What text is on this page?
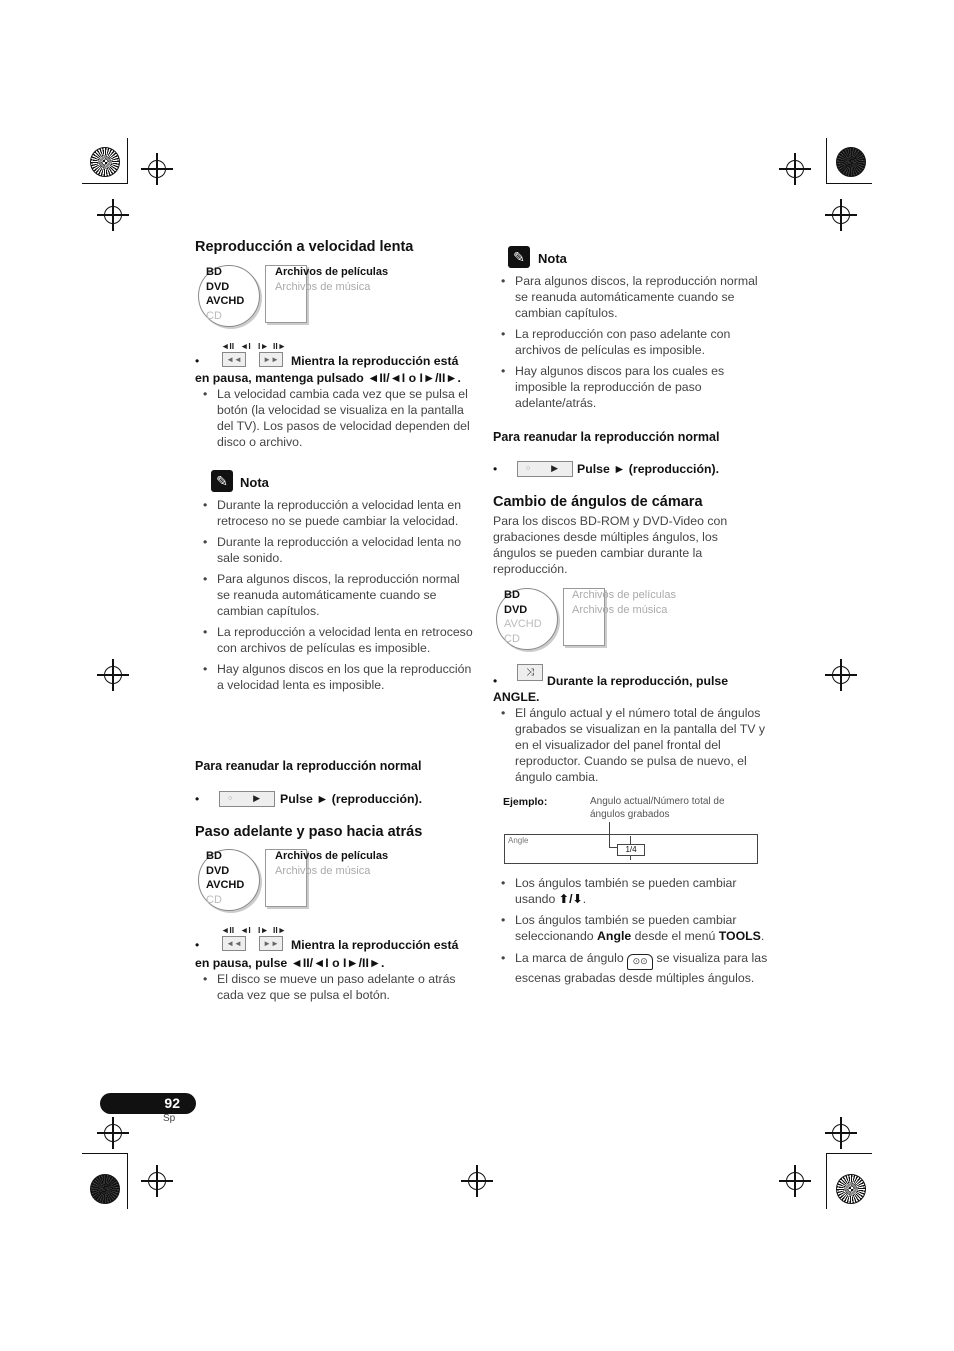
Reproducción a velocidad lenta
BD
DVD
AVCHD
CD
Archivos de películas
Archivos de música
◄II ◄I I► II►
◄◄	►►
•	Mientra la reproducción está
en pausa, mantenga pulsado ◄II/◄I o I►/II►.
• La velocidad cambia cada vez que se pulsa el botón (la velocidad se visualiza en la pantalla del TV). Los pasos de velocidad dependen del disco o archivo.
✎ Nota
• Durante la reproducción a velocidad lenta en retroceso no se puede cambiar la velocidad.
• Durante la reproducción a velocidad lenta no sale sonido.
• Para algunos discos, la reproducción normal se reanuda automáticamente cuando se cambian capítulos.
• La reproducción a velocidad lenta en retroceso con archivos de películas es imposible.
• Hay algunos discos en los que la reproducción a velocidad lenta es imposible.
Para reanudar la reproducción normal
•	○ ▶ Pulse ► (reproducción).
Paso adelante y paso hacia atrás
BD
DVD
AVCHD
CD
Archivos de películas
Archivos de música
◄II ◄I I► II►
◄◄	►►
•	Mientra la reproducción está
en pausa, pulse ◄II/◄I o I►/II►.
• El disco se mueve un paso adelante o atrás cada vez que se pulsa el botón.
92
Sp
✎	Nota
• Para algunos discos, la reproducción normal se reanuda automáticamente cuando se cambian capítulos.
• La reproducción con paso adelante con archivos de películas es imposible.
• Hay algunos discos para los cuales es imposible la reproducción de paso adelante/atrás.
Para reanudar la reproducción normal
•	○ ▶ Pulse ► (reproducción).
Cambio de ángulos de cámara
Para los discos BD-ROM y DVD-Video con grabaciones desde múltiples ángulos, los ángulos se pueden cambiar durante la reproducción.
BD
DVD
AVCHD
CD
Archivos de películas
Archivos de música
⤨
•	Durante la reproducción, pulse
ANGLE.
• El ángulo actual y el número total de ángulos grabados se visualizan en la pantalla del TV y en el visualizador del panel frontal del reproductor. Cuando se pulsa de nuevo, el ángulo cambia.
Ejemplo:	Angulo actual/Número total de ángulos grabados
Angle
1/4
• Los ángulos también se pueden cambiar usando ⬆/⬇.
• Los ángulos también se pueden cambiar seleccionando Angle desde el menú TOOLS.
• La marca de ángulo ⊙⊙ se visualiza para las escenas grabadas desde múltiples ángulos.
